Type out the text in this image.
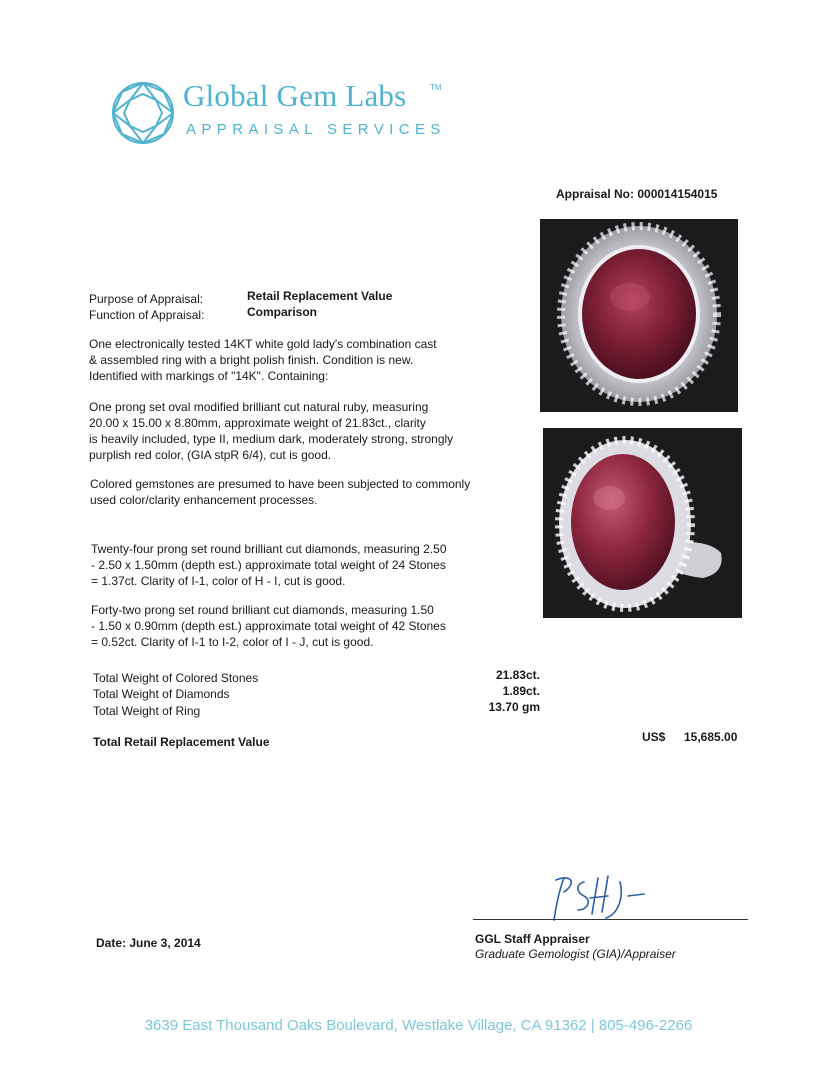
Global Gem Labs	TM
APPRAISAL SERVICES
Appraisal No: 000014154015
Purpose of Appraisal:	Retail Replacement Value
Function of Appraisal:	Comparison
One electronically tested 14KT white gold lady's combination cast
& assembled ring with a bright polish finish. Condition is new.
Identified with markings of "14K". Containing:
One prong set oval modified brilliant cut natural ruby, measuring
20.00 x 15.00 x 8.80mm, approximate weight of 21.83ct., clarity
is heavily included, type II, medium dark, moderately strong, strongly
purplish red color, (GIA stpR 6/4), cut is good.
Colored gemstones are presumed to have been subjected to commonly
used color/clarity enhancement processes.
Twenty-four prong set round brilliant cut diamonds, measuring 2.50
- 2.50 x 1.50mm (depth est.) approximate total weight of 24 Stones
= 1.37ct. Clarity of I-1, color of H - I, cut is good.
Forty-two prong set round brilliant cut diamonds, measuring 1.50
- 1.50 x 0.90mm (depth est.) approximate total weight of 42 Stones
= 0.52ct. Clarity of I-1 to I-2, color of I - J, cut is good.
Total Weight of Colored Stones	21.83ct.
Total Weight of Diamonds	1.89ct.
Total Weight of Ring	13.70 gm
Total Retail Replacement Value	US$ 15,685.00
Date: June 3, 2014	GGL Staff Appraiser
Graduate Gemologist (GIA)/Appraiser
3639 East Thousand Oaks Boulevard, Westlake Village, CA 91362 | 805-496-2266
